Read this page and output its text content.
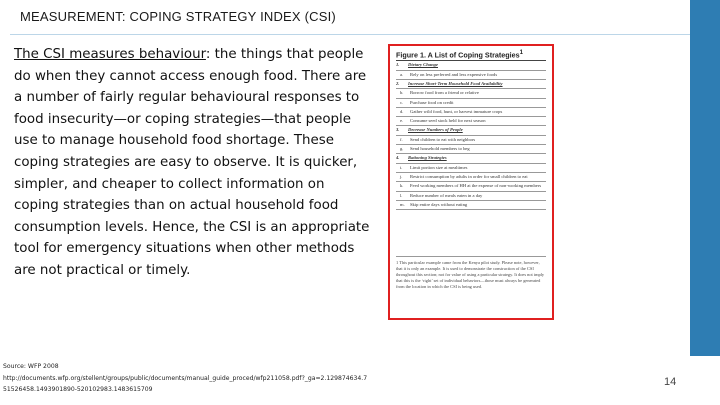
MEASUREMENT: COPING STRATEGY INDEX (CSI)
The CSI measures behaviour: the things that people do when they cannot access enough food. There are a number of fairly regular behavioural responses to food insecurity—or coping strategies—that people use to manage household food shortage. These coping strategies are easy to observe. It is quicker, simpler, and cheaper to collect information on coping strategies than on actual household food consumption levels. Hence, the CSI is an appropriate tool for emergency situations when other methods are not practical or timely.
Figure 1. A List of Coping Strategies$^1$
1. Dietary Change
a. Rely on less preferred and less expensive foods
2. Increase Short-Term Household Food Availability
b. Borrow food from a friend or relative
c. Purchase food on credit
d. Gather wild food, hunt, or harvest immature crops
e. Consume seed stock held for next season
3. Decrease Numbers of People
f. Send children to eat with neighbors
g. Send household members to beg
4. Rationing Strategies
i. Limit portion size at mealtimes
j. Restrict consumption by adults in order for small children to eat
k. Feed working members of HH at the expense of non-working members
l. Reduce number of meals eaten in a day
m. Skip entire days without eating
1 This particular example came from the Kenya pilot study. Please note, however, that it is only an example. It is used to demonstrate the construction of the CSI throughout this section; not for value of using a particular strategy. It does not imply that this is the ‘right’ set of individual behaviors—those must always be generated from the location in which the CSI is being used.
Source: WFP 2008
http://documents.wfp.org/stellent/groups/public/documents/manual_guide_proced/wfp211058.pdf?_ga=2.129874634.7
51526458.1493901890-520102983.1483615709
14
